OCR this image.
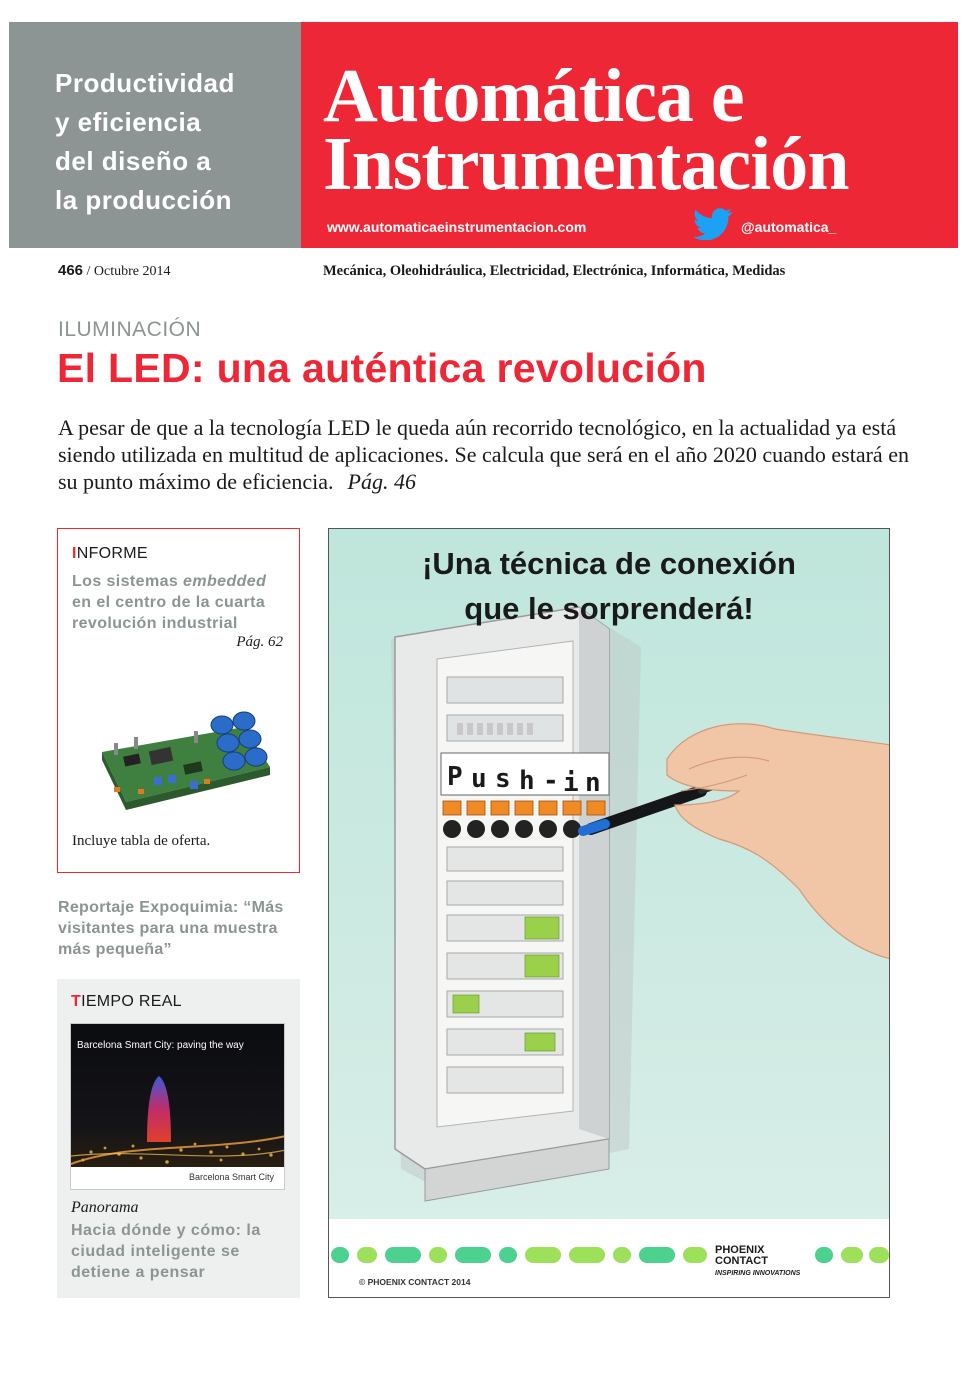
Productividad
y eficiencia
del diseño a
la producción
Automática e
Instrumentación
www.automaticaeinstrumentacion.com	@automatica_
466 / Octubre 2014	Mecánica, Oleohidráulica, Electricidad, Electrónica, Informática, Medidas
ILUMINACIÓN
El LED: una auténtica revolución
A pesar de que a la tecnología LED le queda aún recorrido tecnológico, en la actualidad ya está siendo utilizada en multitud de aplicaciones. Se calcula que será en el año 2020 cuando estará en su punto máximo de eficiencia. Pág. 46
INFORME
Los sistemas embedded en el centro de la cuarta revolución industrial
Pág. 62
Incluye tabla de oferta.
Reportaje Expoquimia: “Más visitantes para una muestra más pequeña”
TIEMPO REAL
Barcelona Smart City: paving the way
Barcelona Smart City
Panorama
Hacia dónde y cómo: la ciudad inteligente se detiene a pensar
P u s h - i n
¡Una técnica de conexión
que le sorprenderá!
PHOENIX
CONTACT
INSPIRING INNOVATIONS
© PHOENIX CONTACT 2014
